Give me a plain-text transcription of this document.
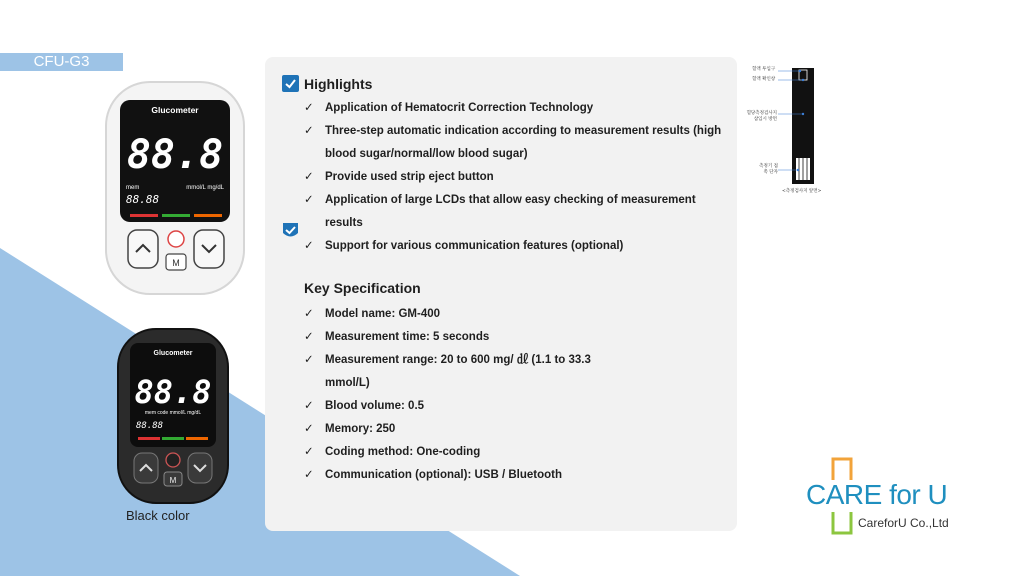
CFU-G3
Glucometer
88.8
mem	mmol/L mg/dL
88.88
M
Glucometer
88.8
mem code mmol/L mg/dL
88.88
M
Black color
Highlights
✓ Application of Hematocrit Correction Technology
✓ Three-step automatic indication according to measurement results (high blood sugar/normal/low blood sugar)
✓ Provide used strip eject button
✓ Application of large LCDs that allow easy checking of measurement results
✓ Support for various communication features (optional)
Key Specification
✓ Model name: GM-400
✓ Measurement time: 5 seconds
✓ Measurement range: 20 to 600 mg/ ㎗ (1.1 to 33.3 mmol/L)
✓ Blood volume: 0.5
✓ Memory: 250
✓ Coding method: One-coding
✓ Communication (optional): USB / Bluetooth
혈액 투입구
혈액 확인창
혈당측정검사지 삽입시 방면
측정기 접촉 단자
<측정검사지 앞면>
CARE for U
CareforU Co.,Ltd
